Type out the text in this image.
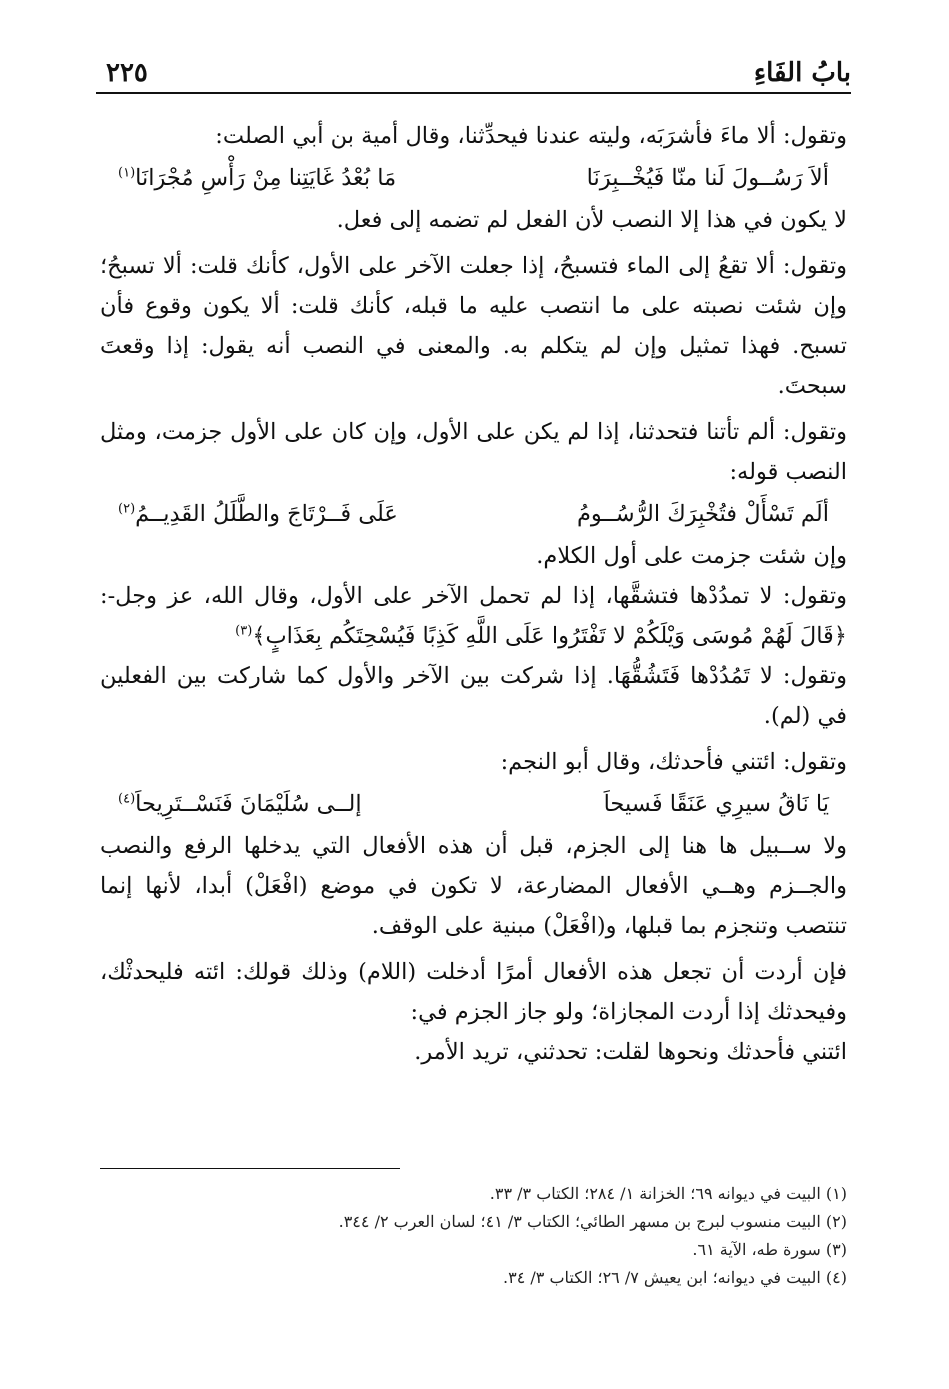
بابُ الفَاءِ
٢٢٥

وتقول: ألا ماءَ فأشرَبَه، وليته عندنا فيحدِّثنا، وقال أمية بن أبي الصلت:

ألاَ رَسُــولَ لَنا منّا فَيُخْــبِرَنَا
مَا بُعْدُ غَايَتِنا مِنْ رَأْسِ مُجْرَانَا$^{(١)}$

لا يكون في هذا إلا النصب لأن الفعل لم تضمه إلى فعل.

وتقول: ألا تقعُ إلى الماء فتسبحُ، إذا جعلت الآخر على الأول، كأنك قلت: ألا تسبحُ؛ وإن شئت نصبته على ما انتصب عليه ما قبله، كأنك قلت: ألا يكون وقوع فأن تسبح. فهذا تمثيل وإن لم يتكلم به. والمعنى في النصب أنه يقول: إذا وقعتَ سبحتَ.

وتقول: ألم تأتنا فتحدثنا، إذا لم يكن على الأول، وإن كان على الأول جزمت، ومثل النصب قوله:

ألَم تَسْأَلْ فتُخْبِرَكَ الرُّسُــومُ
عَلَى فَــرْتَاجَ والطَّلَلُ القَدِيــمُ$^{(٢)}$

وإن شئت جزمت على أول الكلام.

وتقول: لا تمدُدْها فتشقَّها، إذا لم تحمل الآخر على الأول، وقال الله، عز وجل-: ﴿قَالَ لَهُمْ مُوسَى وَيْلَكُمْ لا تَفْتَرُوا عَلَى اللَّهِ كَذِبًا فَيُسْحِتَكُم بِعَذَابٍ﴾$^{(٣)}$

وتقول: لا تَمُدُدْها فَتَشُقُّهَا. إذا شركت بين الآخر والأول كما شاركت بين الفعلين في (لم).

وتقول: ائتني فأحدثك، وقال أبو النجم:

يَا نَاقُ سيرِي عَنَقًا فَسيحاَ
إلــى سُلَيْمَانَ فَنَسْــتَرِيحاَ$^{(٤)}$

ولا ســبيل ها هنا إلى الجزم، قبل أن هذه الأفعال التي يدخلها الرفع والنصب والجــزم وهــي الأفعال المضارعة، لا تكون في موضع (افْعَلْ) أبدا، لأنها إنما تنتصب وتنجزم بما قبلها، و(افْعَلْ) مبنية على الوقف.

فإن أردت أن تجعل هذه الأفعال أمرًا أدخلت (اللام) وذلك قولك: ائته فليحدثْك، وفيحدثك إذا أردت المجازاة؛ ولو جاز الجزم في:

ائتني فأحدثك ونحوها لقلت: تحدثني، تريد الأمر.

(١) البيت في ديوانه ٦٩؛ الخزانة ١/ ٢٨٤؛ الكتاب ٣/ ٣٣.
(٢) البيت منسوب لبرج بن مسهر الطائي؛ الكتاب ٣/ ٤١؛ لسان العرب ٢/ ٣٤٤.
(٣) سورة طه، الآية ٦١.
(٤) البيت في ديوانه؛ ابن يعيش ٧/ ٢٦؛ الكتاب ٣/ ٣٤.
